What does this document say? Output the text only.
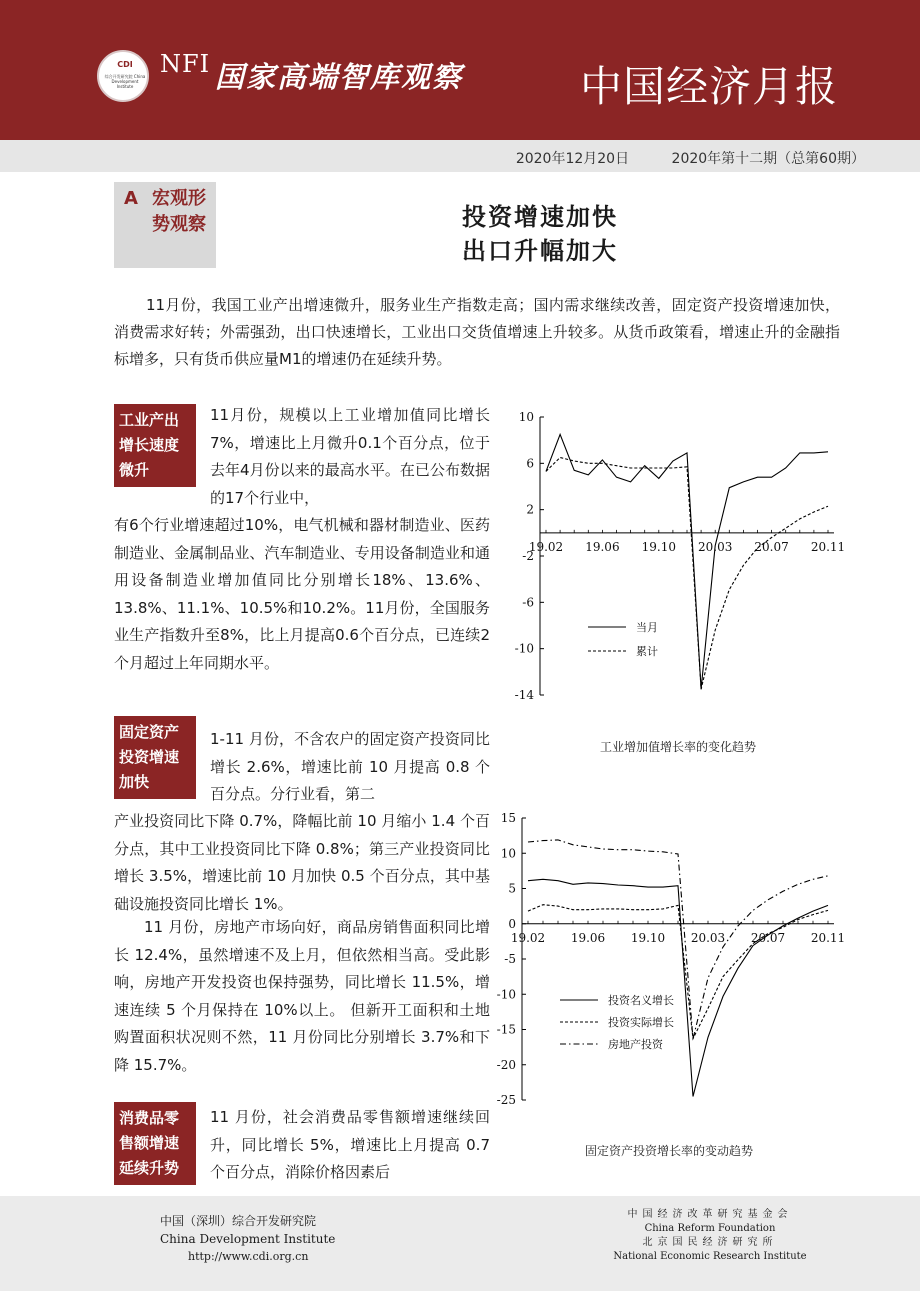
CDI
综合开发研究院 China Development Institute
NFI 国家高端智库观察	中国经济月报
2020年12月20日	2020年第十二期（总第60期）
A 宏观形势观察	投资增速加快
出口升幅加大

11月份，我国工业产出增速微升，服务业生产指数走高；国内需求继续改善，固定资产投资增速加快，消费需求好转；外需强劲，出口快速增长，工业出口交货值增速上升较多。从货币政策看，增速止升的金融指标增多，只有货币供应量M1的增速仍在延续升势。

工业产出增长速度微升

11月份，规模以上工业增加值同比增长7%，增速比上月微升0.1个百分点，位于去年4月份以来的最高水平。在已公布数据的17个行业中，

有6个行业增速超过10%，电气机械和器材制造业、医药制造业、金属制品业、汽车制造业、专用设备制造业和通用设备制造业增加值同比分别增长18%、13.6%、13.8%、11.1%、10.5%和10.2%。11月份，全国服务业生产指数升至8%，比上月提高0.6个百分点，已连续2个月超过上年同期水平。

固定资产投资增速加快

1-11 月份，不含农户的固定资产投资同比增长 2.6%，增速比前 10 月提高 0.8 个百分点。分行业看，第二

产业投资同比下降 0.7%，降幅比前 10 月缩小 1.4 个百分点，其中工业投资同比下降 0.8%；第三产业投资同比增长 3.5%，增速比前 10 月加快 0.5 个百分点，其中基础设施投资同比增长 1%。

11 月份，房地产市场向好，商品房销售面积同比增长 12.4%，虽然增速不及上月，但依然相当高。受此影响，房地产开发投资也保持强势，同比增长 11.5%，增速连续 5 个月保持在 10%以上。 但新开工面积和土地购置面积状况则不然，11 月份同比分别增长 3.7%和下降 15.7%。

消费品零售额增速延续升势

11 月份，社会消费品零售额增速继续回升，同比增长 5%，增速比上月提高 0.7 个百分点，消除价格因素后

10
6
2
-2
-6
-10
-14
19.02 19.06 19.10 20.03 20.07 20.11
当月
累计
工业增加值增长率的变化趋势
15
10
5
0
-5
-10
-15
-20
-25
19.02 19.06 19.10 20.03 20.07 20.11
投资名义增长
投资实际增长
房地产投资
固定资产投资增长率的变动趋势
中国（深圳）综合开发研究院
China Development Institute
http://www.cdi.org.cn
中国经济改革研究基金会
China Reform Foundation
北京国民经济研究所
National Economic Research Institute
